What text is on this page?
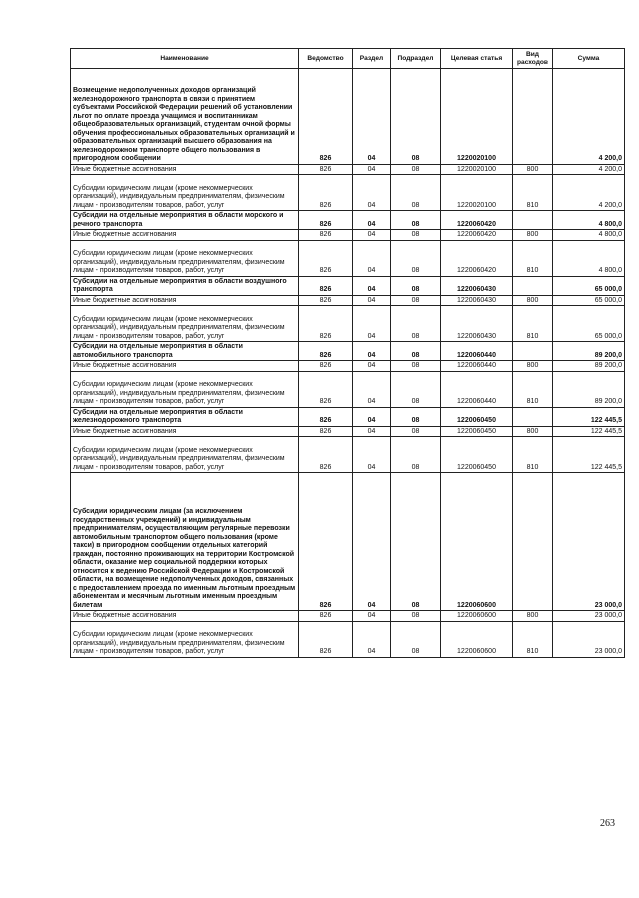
Наименование	Ведомство	Раздел	Подраздел	Целевая статья	Вид расходов	Сумма
Возмещение недополученных доходов организаций железнодорожного транспорта в связи с принятием субъектами Российской Федерации решений об установлении льгот по оплате проезда учащимся и воспитанникам общеобразовательных организаций, студентам очной формы обучения профессиональных образовательных организаций и образовательных организаций высшего образования на железнодорожном транспорте общего пользования в пригородном сообщении	826	04	08	1220020100		4 200,0
Иные бюджетные ассигнования	826	04	08	1220020100	800	4 200,0
Субсидии юридическим лицам (кроме некоммерческих организаций), индивидуальным предпринимателям, физическим лицам - производителям товаров, работ, услуг	826	04	08	1220020100	810	4 200,0
Субсидии на отдельные мероприятия в области морского и речного транспорта	826	04	08	1220060420		4 800,0
Иные бюджетные ассигнования	826	04	08	1220060420	800	4 800,0
Субсидии юридическим лицам (кроме некоммерческих организаций), индивидуальным предпринимателям, физическим лицам - производителям товаров, работ, услуг	826	04	08	1220060420	810	4 800,0
Субсидии на отдельные мероприятия в области воздушного транспорта	826	04	08	1220060430		65 000,0
Иные бюджетные ассигнования	826	04	08	1220060430	800	65 000,0
Субсидии юридическим лицам (кроме некоммерческих организаций), индивидуальным предпринимателям, физическим лицам - производителям товаров, работ, услуг	826	04	08	1220060430	810	65 000,0
Субсидии на отдельные мероприятия в области автомобильного транспорта	826	04	08	1220060440		89 200,0
Иные бюджетные ассигнования	826	04	08	1220060440	800	89 200,0
Субсидии юридическим лицам (кроме некоммерческих организаций), индивидуальным предпринимателям, физическим лицам - производителям товаров, работ, услуг	826	04	08	1220060440	810	89 200,0
Субсидии на отдельные мероприятия в области железнодорожного транспорта	826	04	08	1220060450		122 445,5
Иные бюджетные ассигнования	826	04	08	1220060450	800	122 445,5
Субсидии юридическим лицам (кроме некоммерческих организаций), индивидуальным предпринимателям, физическим лицам - производителям товаров, работ, услуг	826	04	08	1220060450	810	122 445,5
Субсидии юридическим лицам (за исключением государственных учреждений) и индивидуальным предпринимателям, осуществляющим регулярные перевозки автомобильным транспортом общего пользования (кроме такси) в пригородном сообщении отдельных категорий граждан, постоянно проживающих на территории Костромской области, оказание мер социальной поддержки которых относится к ведению Российской Федерации и Костромской области, на возмещение недополученных доходов, связанных с предоставлением проезда по именным льготным проездным абонементам и месячным льготным именным проездным билетам	826	04	08	1220060600		23 000,0
Иные бюджетные ассигнования	826	04	08	1220060600	800	23 000,0
Субсидии юридическим лицам (кроме некоммерческих организаций), индивидуальным предпринимателям, физическим лицам - производителям товаров, работ, услуг	826	04	08	1220060600	810	23 000,0
263
